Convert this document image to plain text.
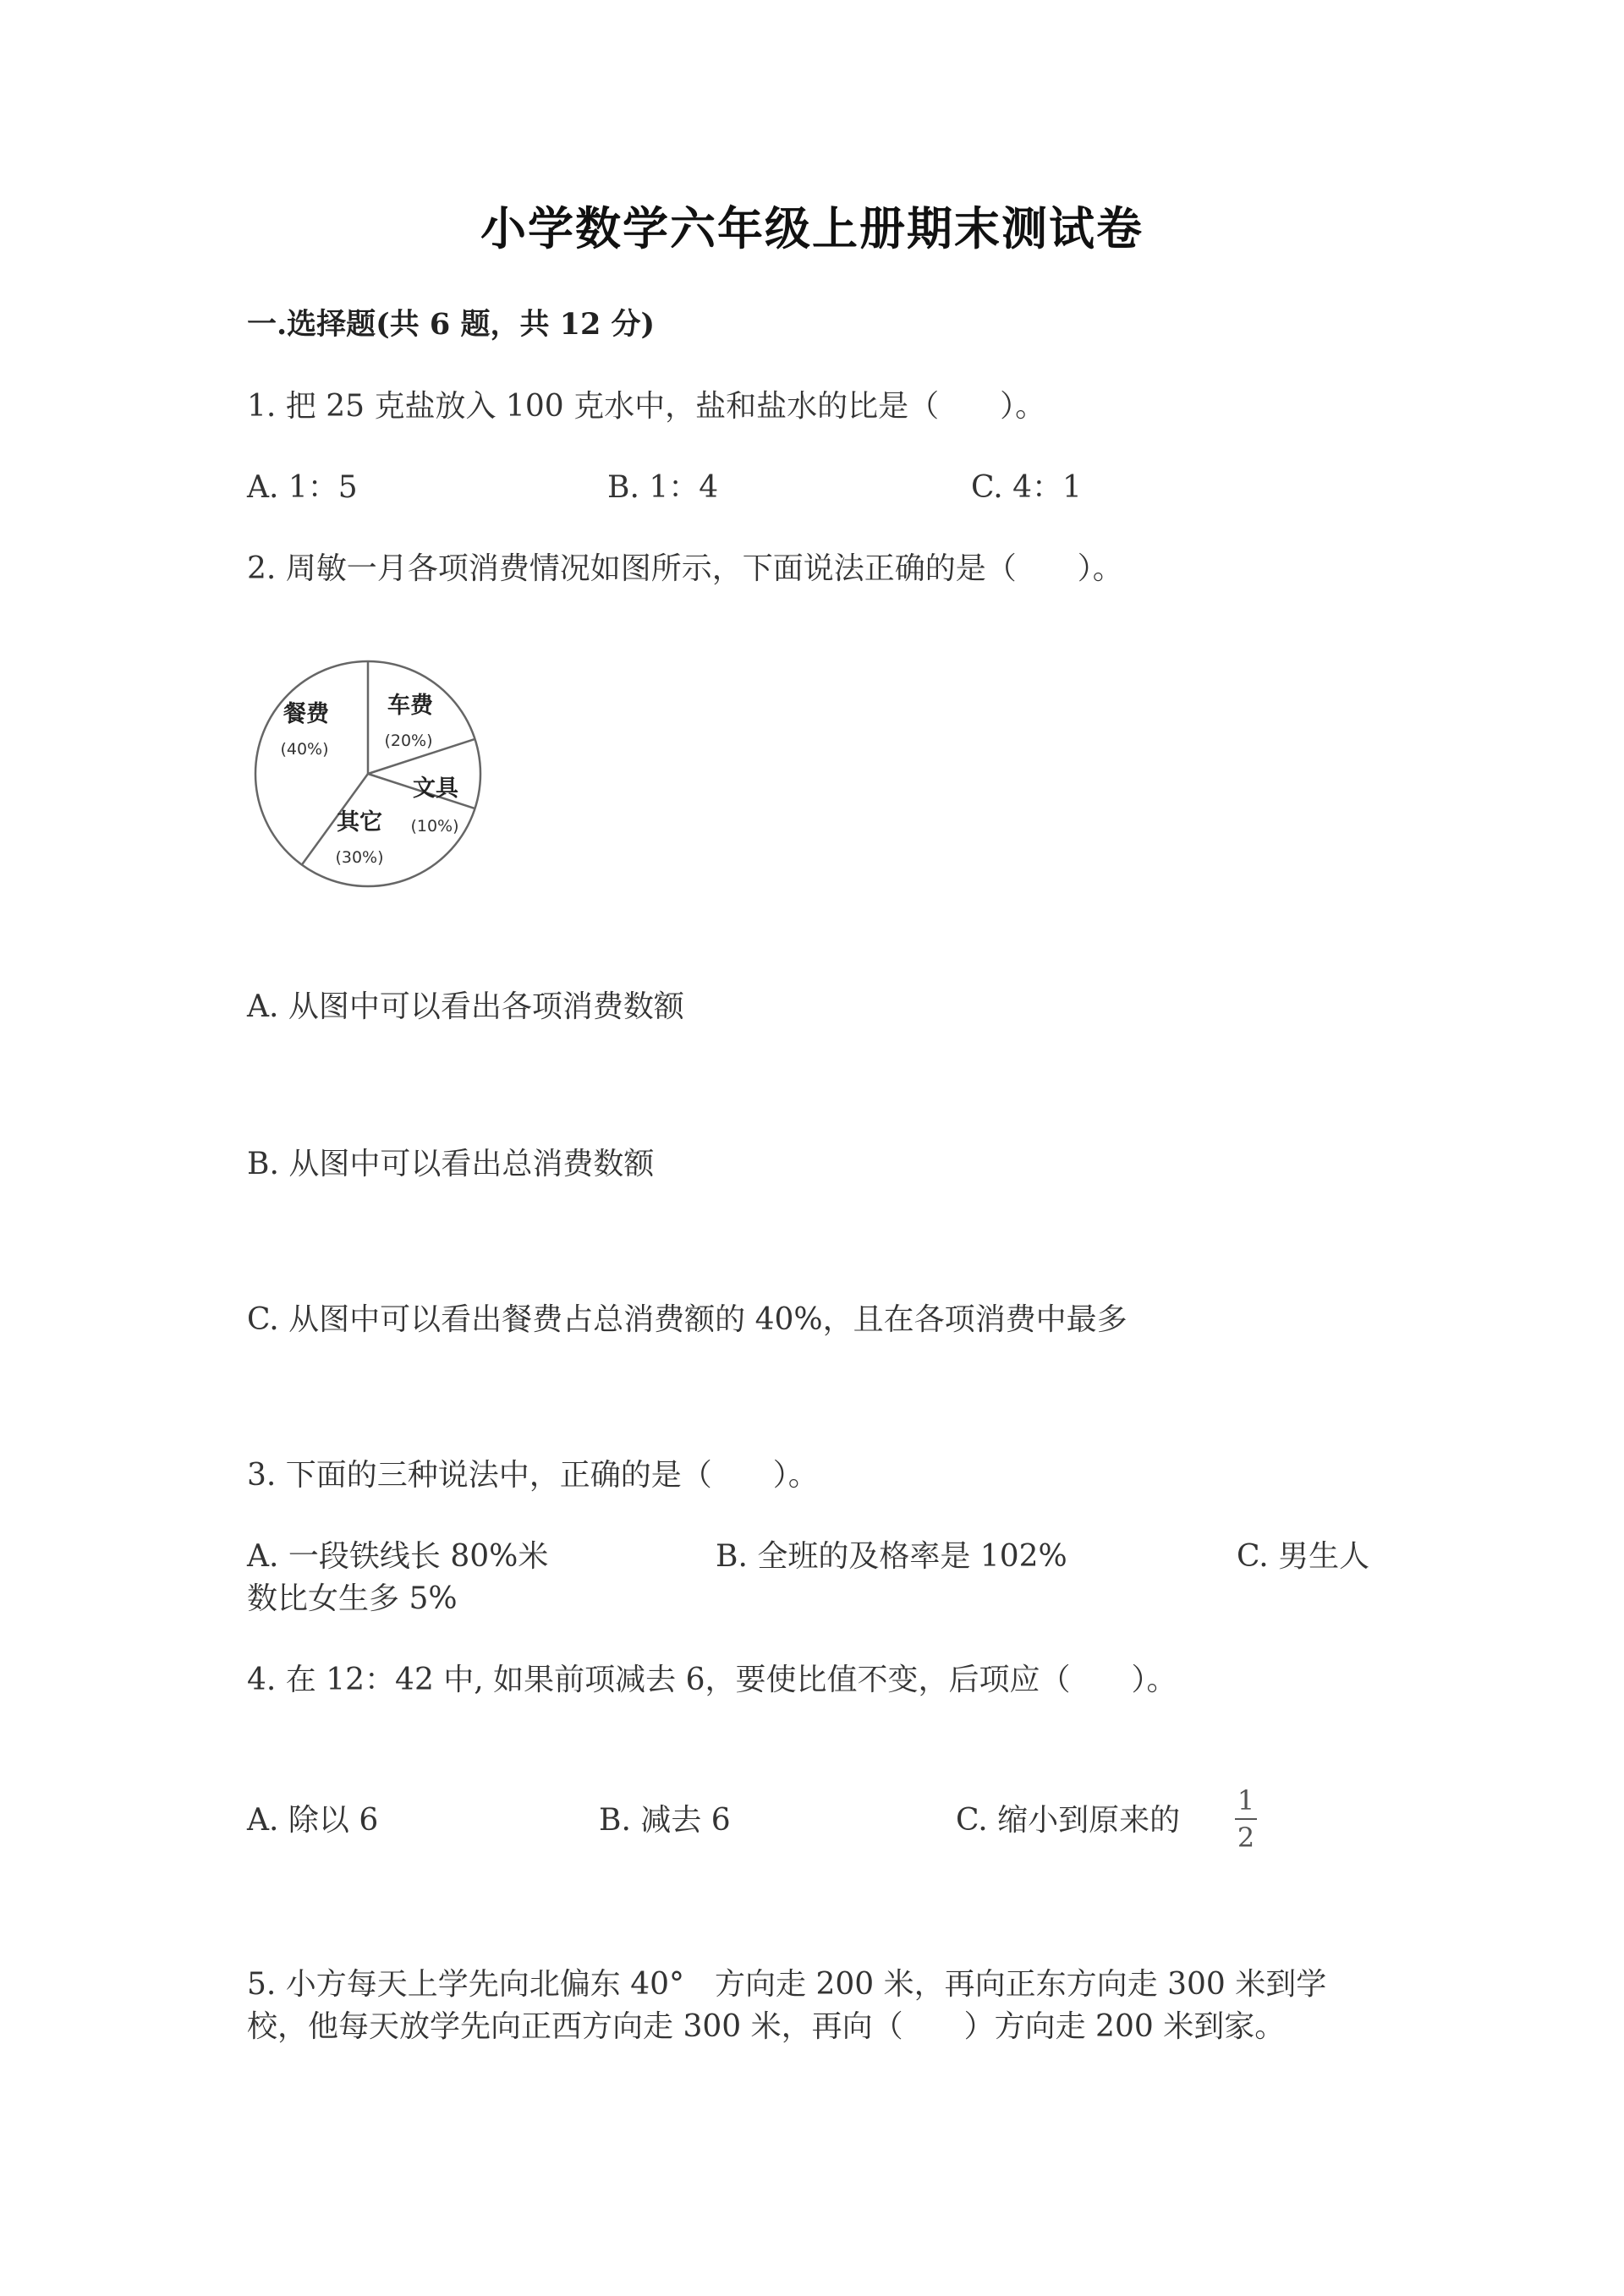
小学数学六年级上册期末测试卷
一.选择题(共 6 题，共 12 分)
1. 把 25 克盐放入 100 克水中，盐和盐水的比是（　　）。
A. 1：5	B. 1：4	C. 4：1
2. 周敏一月各项消费情况如图所示，下面说法正确的是（　　）。
车费
(20%)
文具
(10%)
其它
(30%)
餐费
(40%)
A. 从图中可以看出各项消费数额
B. 从图中可以看出总消费数额
C. 从图中可以看出餐费占总消费额的 40%，且在各项消费中最多
3. 下面的三种说法中，正确的是（　　）。
A. 一段铁线长 80%米	B. 全班的及格率是 102%	C. 男生人
数比女生多 5%
4. 在 12：42 中, 如果前项减去 6，要使比值不变，后项应（　　）。
A. 除以 6	B. 减去 6	C. 缩小到原来的
1
2
5. 小方每天上学先向北偏东 40°　方向走 200 米，再向正东方向走 300 米到学
校，他每天放学先向正西方向走 300 米，再向（　　）方向走 200 米到家。
